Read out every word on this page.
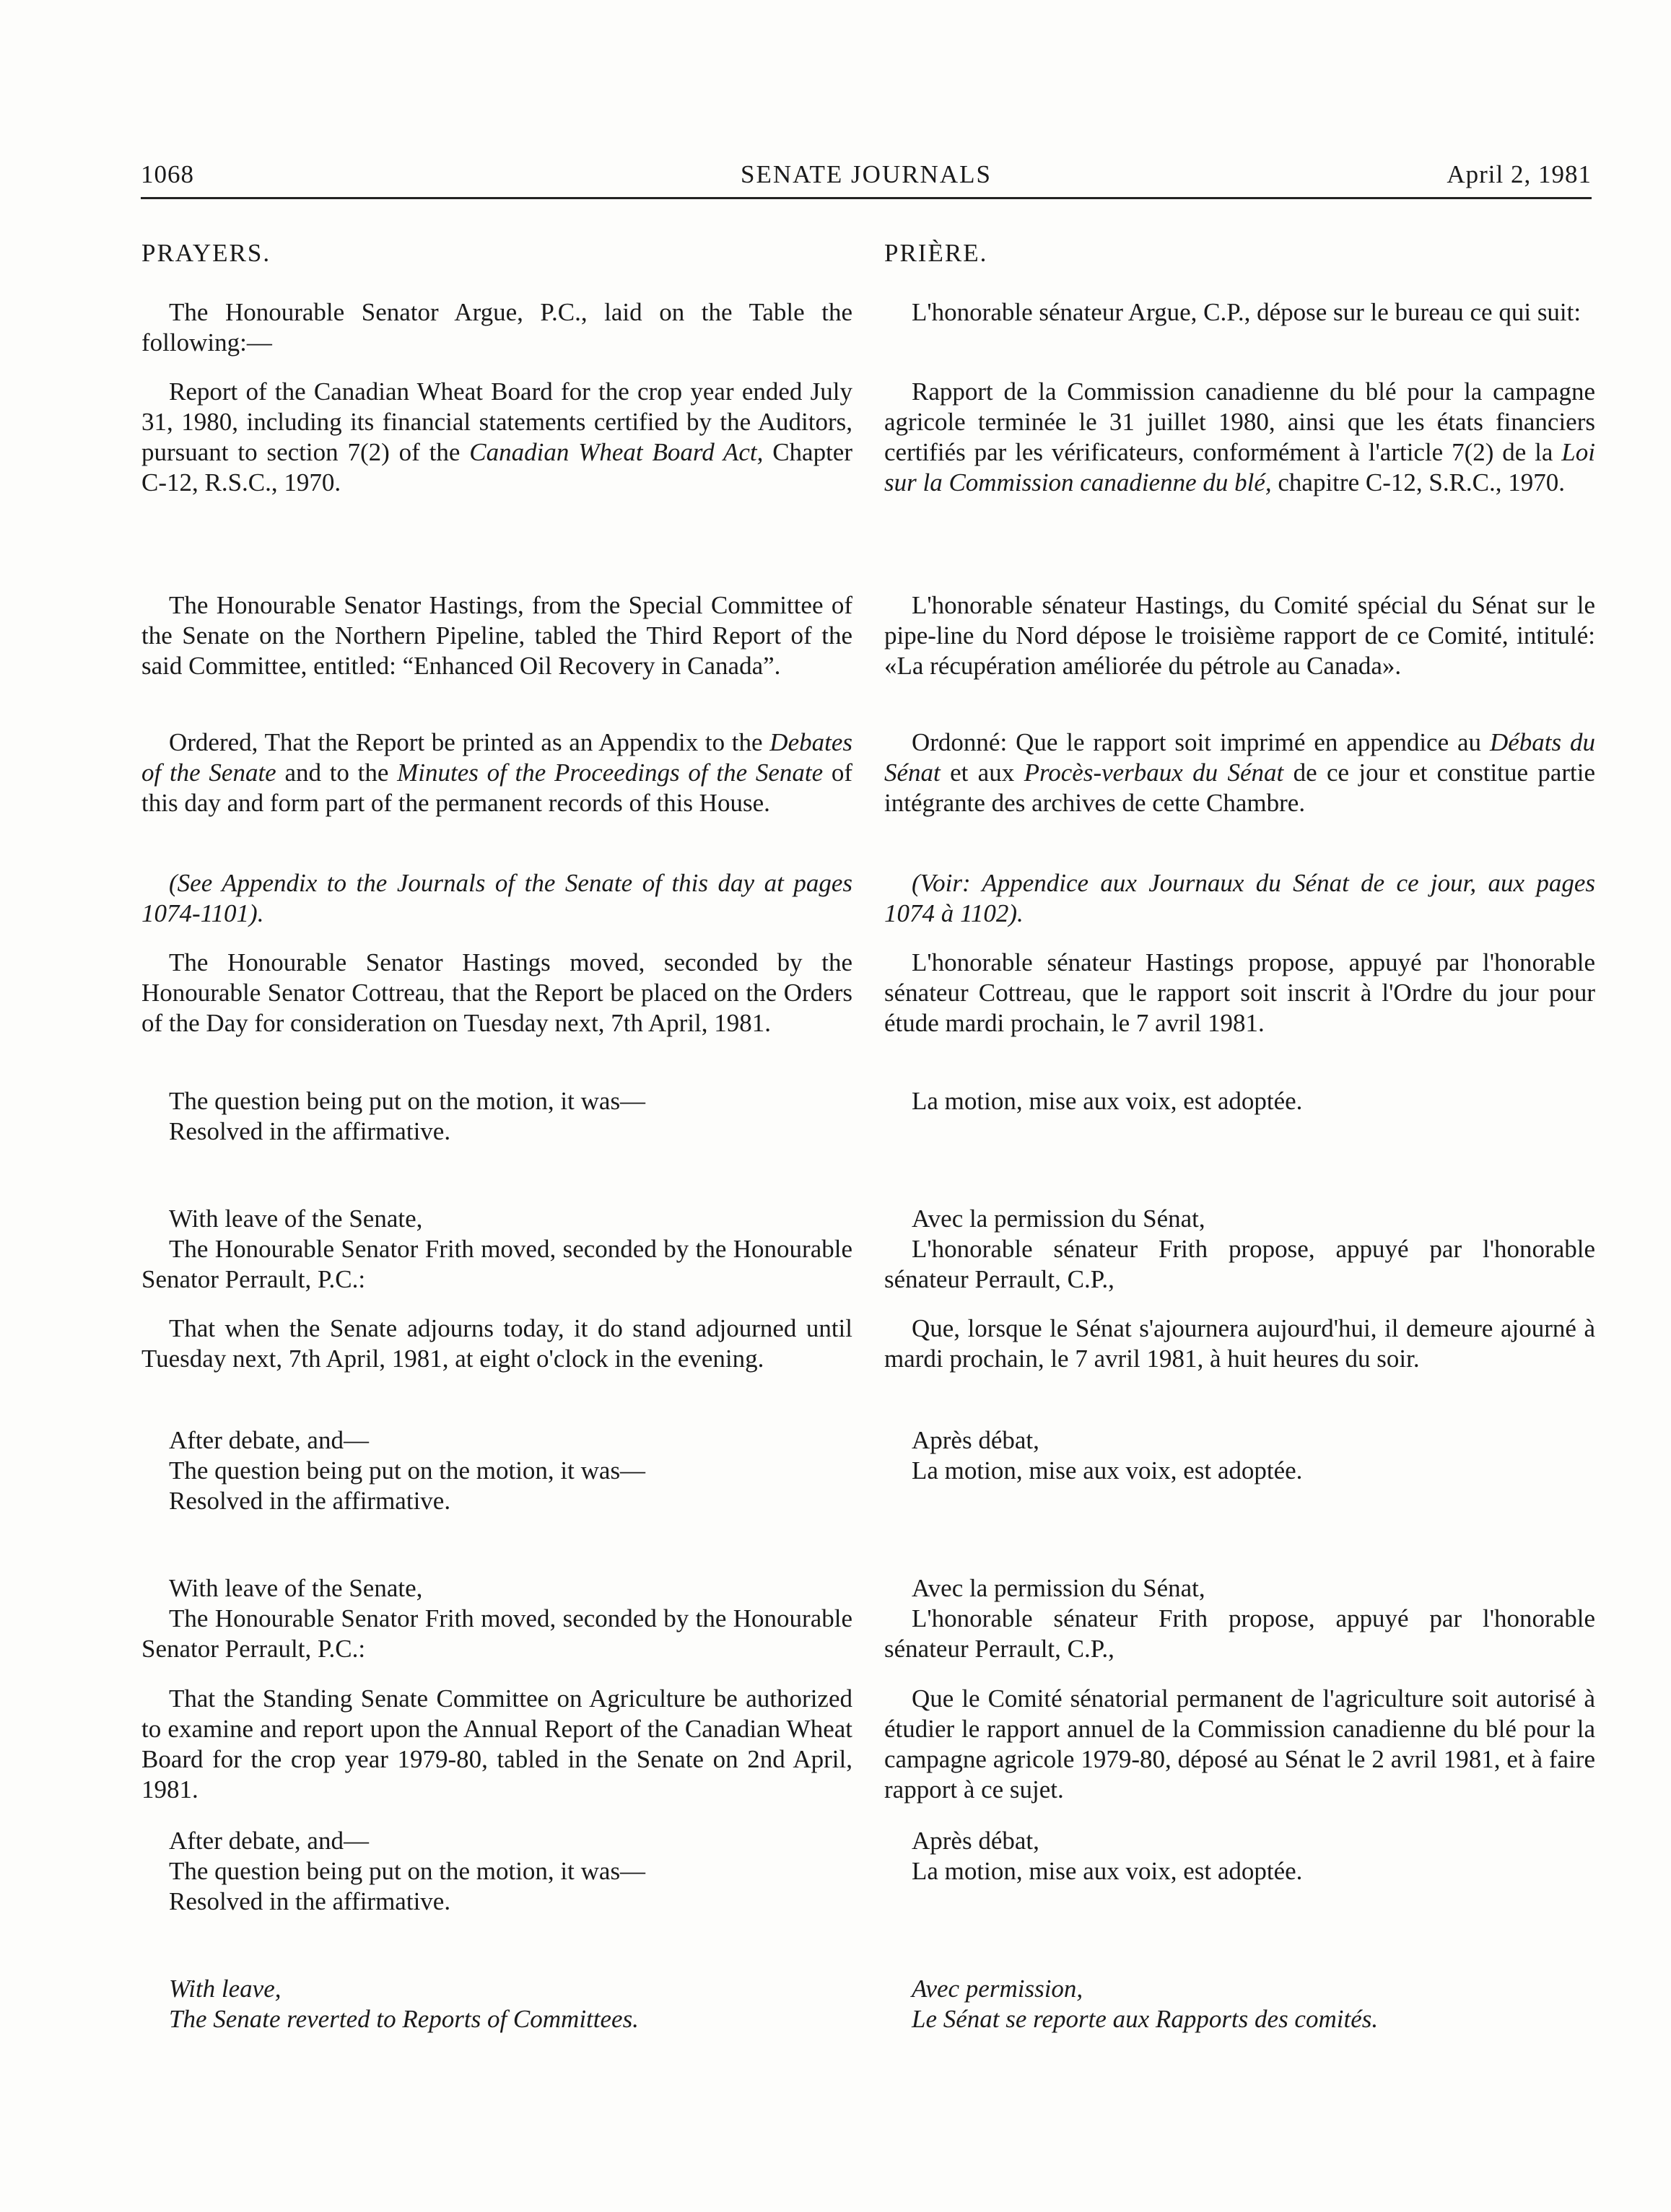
1068	SENATE JOURNALS	April 2, 1981
PRAYERS.
The Honourable Senator Argue, P.C., laid on the Table the following:—
Report of the Canadian Wheat Board for the crop year ended July 31, 1980, including its financial statements certified by the Auditors, pursuant to section 7(2) of the Canadian Wheat Board Act, Chapter C-12, R.S.C., 1970.
The Honourable Senator Hastings, from the Special Committee of the Senate on the Northern Pipeline, tabled the Third Report of the said Committee, entitled: “Enhanced Oil Recovery in Canada”.
Ordered, That the Report be printed as an Appendix to the Debates of the Senate and to the Minutes of the Proceedings of the Senate of this day and form part of the permanent records of this House.
(See Appendix to the Journals of the Senate of this day at pages 1074-1101).
The Honourable Senator Hastings moved, seconded by the Honourable Senator Cottreau, that the Report be placed on the Orders of the Day for consideration on Tuesday next, 7th April, 1981.

The question being put on the motion, it was—

Resolved in the affirmative.

With leave of the Senate,

The Honourable Senator Frith moved, seconded by the Honourable Senator Perrault, P.C.:

That when the Senate adjourns today, it do stand adjourned until Tuesday next, 7th April, 1981, at eight o'clock in the evening.

After debate, and—

The question being put on the motion, it was—

Resolved in the affirmative.

With leave of the Senate,

The Honourable Senator Frith moved, seconded by the Honourable Senator Perrault, P.C.:

That the Standing Senate Committee on Agriculture be authorized to examine and report upon the Annual Report of the Canadian Wheat Board for the crop year 1979-80, tabled in the Senate on 2nd April, 1981.

After debate, and—

The question being put on the motion, it was—

Resolved in the affirmative.

With leave,

The Senate reverted to Reports of Committees.

PRIÈRE.
L'honorable sénateur Argue, C.P., dépose sur le bureau ce qui suit:
Rapport de la Commission canadienne du blé pour la campagne agricole terminée le 31 juillet 1980, ainsi que les états financiers certifiés par les vérificateurs, conformément à l'article 7(2) de la Loi sur la Commission canadienne du blé, chapitre C-12, S.R.C., 1970.
L'honorable sénateur Hastings, du Comité spécial du Sénat sur le pipe-line du Nord dépose le troisième rapport de ce Comité, intitulé: «La récupération améliorée du pétrole au Canada».
Ordonné: Que le rapport soit imprimé en appendice au Débats du Sénat et aux Procès-verbaux du Sénat de ce jour et constitue partie intégrante des archives de cette Chambre.
(Voir: Appendice aux Journaux du Sénat de ce jour, aux pages 1074 à 1102).
L'honorable sénateur Hastings propose, appuyé par l'honorable sénateur Cottreau, que le rapport soit inscrit à l'Ordre du jour pour étude mardi prochain, le 7 avril 1981.
La motion, mise aux voix, est adoptée.

Avec la permission du Sénat,

L'honorable sénateur Frith propose, appuyé par l'honorable sénateur Perrault, C.P.,

Que, lorsque le Sénat s'ajournera aujourd'hui, il demeure ajourné à mardi prochain, le 7 avril 1981, à huit heures du soir.

Après débat,

La motion, mise aux voix, est adoptée.

Avec la permission du Sénat,

L'honorable sénateur Frith propose, appuyé par l'honorable sénateur Perrault, C.P.,

Que le Comité sénatorial permanent de l'agriculture soit autorisé à étudier le rapport annuel de la Commission canadienne du blé pour la campagne agricole 1979-80, déposé au Sénat le 2 avril 1981, et à faire rapport à ce sujet.

Après débat,

La motion, mise aux voix, est adoptée.

Avec permission,

Le Sénat se reporte aux Rapports des comités.
